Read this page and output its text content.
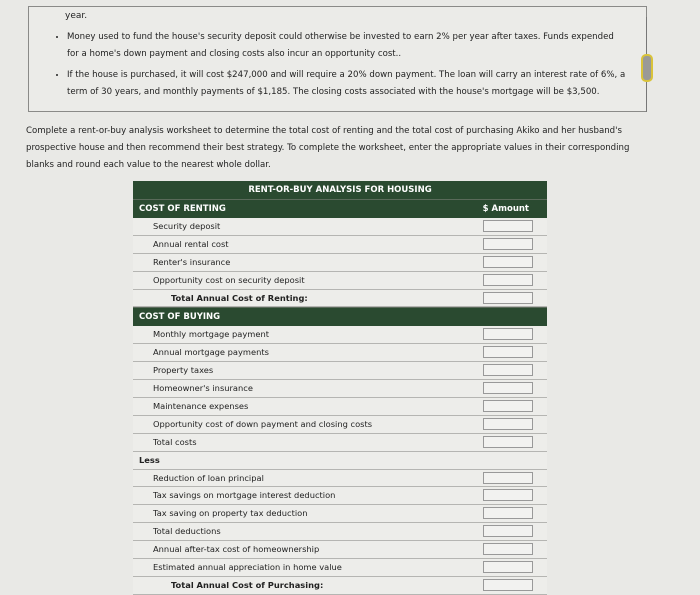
year.
• Money used to fund the house's security deposit could otherwise be invested to earn 2% per year after taxes. Funds expended for a home's down payment and closing costs also incur an opportunity cost..
• If the house is purchased, it will cost $247,000 and will require a 20% down payment. The loan will carry an interest rate of 6%, a term of 30 years, and monthly payments of $1,185. The closing costs associated with the house's mortgage will be $3,500.
Complete a rent-or-buy analysis worksheet to determine the total cost of renting and the total cost of purchasing Akiko and her husband's prospective house and then recommend their best strategy. To complete the worksheet, enter the appropriate values in their corresponding blanks and round each value to the nearest whole dollar.
RENT-OR-BUY ANALYSIS FOR HOUSING
COST OF RENTING	$ Amount
Security deposit
Annual rental cost
Renter's insurance
Opportunity cost on security deposit
Total Annual Cost of Renting:
COST OF BUYING
Monthly mortgage payment
Annual mortgage payments
Property taxes
Homeowner's insurance
Maintenance expenses
Opportunity cost of down payment and closing costs
Total costs
Less
Reduction of loan principal
Tax savings on mortgage interest deduction
Tax saving on property tax deduction
Total deductions
Annual after-tax cost of homeownership
Estimated annual appreciation in home value
Total Annual Cost of Purchasing:
